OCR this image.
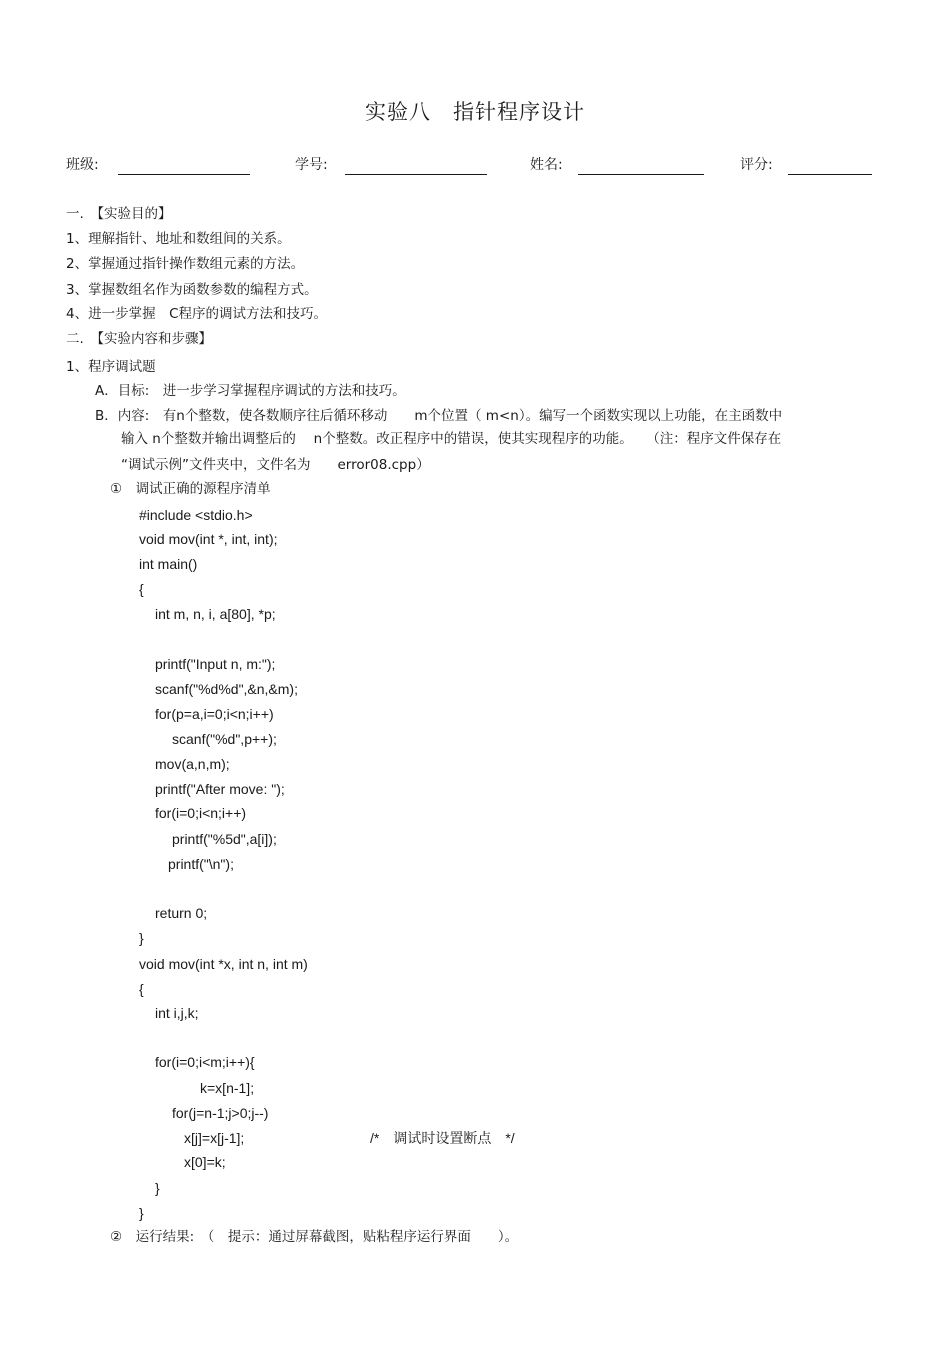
实验八　指针程序设计
班级:	学号:	姓名:	评分:
一.　【实验目的】
1、理解指针、地址和数组间的关系。
2、掌握通过指针操作数组元素的方法。
3、掌握数组名作为函数参数的编程方式。
4、进一步掌握　C程序的调试方法和技巧。
二.　【实验内容和步骤】
1、程序调试题
A．目标:　进一步学习掌握程序调试的方法和技巧。
B．内容:　有n个整数，使各数顺序往后循环移动　　m个位置（ m<n）。编写一个函数实现以上功能，在主函数中
输入 n个整数并输出调整后的　 n个整数。改正程序中的错误，使其实现程序的功能。　　（注：程序文件保存在
“调试示例”文件夹中，文件名为　　error08.cpp）
①　调试正确的源程序清单
#include <stdio.h>
void mov(int *, int, int);
int main()
{
int m, n, i, a[80], *p;
printf("Input n, m:");
scanf("%d%d",&n,&m);
for(p=a,i=0;i<n;i++)
scanf("%d",p++);
mov(a,n,m);
printf("After move: ");
for(i=0;i<n;i++)
printf("%5d",a[i]);
printf("\n");
return 0;
}
void mov(int *x, int n, int m)
{
int i,j,k;
for(i=0;i<m;i++){
k=x[n-1];
for(j=n-1;j>0;j--)
x[j]=x[j-1];	/*　调试时设置断点　*/
x[0]=k;
}
}
②　运行结果:　（　提示：通过屏幕截图，贴粘程序运行界面　　）。
